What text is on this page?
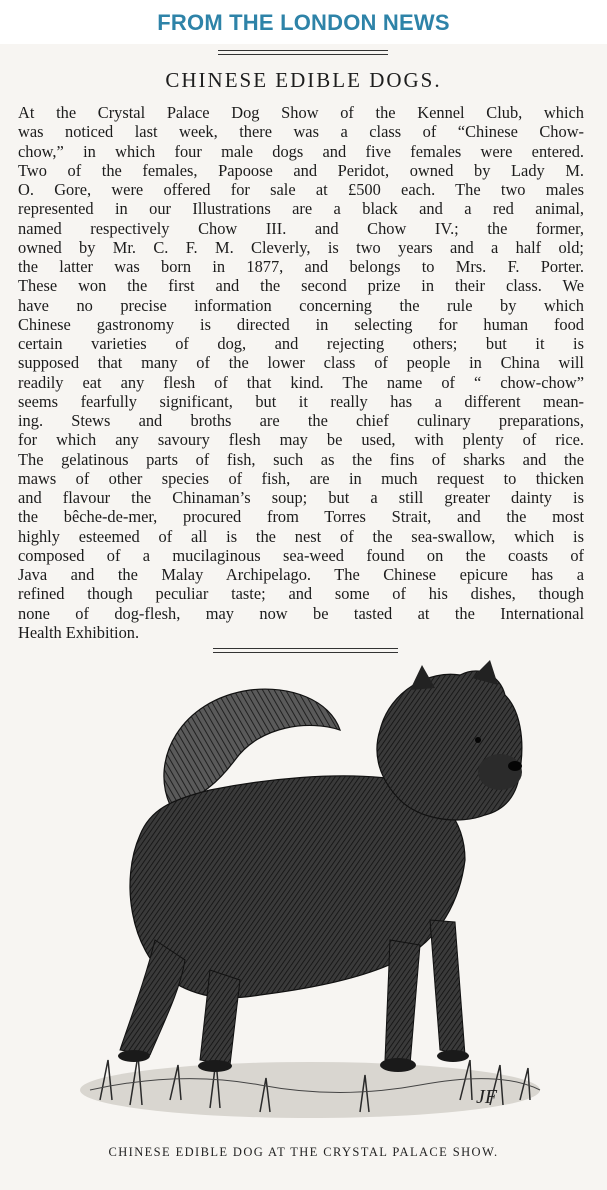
FROM THE LONDON NEWS
CHINESE EDIBLE DOGS.
At the Crystal Palace Dog Show of the Kennel Club, which
was noticed last week, there was a class of “Chinese Chow-
chow,” in which four male dogs and five females were entered.
Two of the females, Papoose and Peridot, owned by Lady M.
O. Gore, were offered for sale at £500 each. The two males
represented in our Illustrations are a black and a red animal,
named respectively Chow III. and Chow IV.; the former,
owned by Mr. C. F. M. Cleverly, is two years and a half old;
the latter was born in 1877, and belongs to Mrs. F. Porter.
These won the first and the second prize in their class. We
have no precise information concerning the rule by which
Chinese gastronomy is directed in selecting for human food
certain varieties of dog, and rejecting others; but it is
supposed that many of the lower class of people in China will
readily eat any flesh of that kind. The name of “ chow-chow”
seems fearfully significant, but it really has a different mean-
ing. Stews and broths are the chief culinary preparations,
for which any savoury flesh may be used, with plenty of rice.
The gelatinous parts of fish, such as the fins of sharks and the
maws of other species of fish, are in much request to thicken
and flavour the Chinaman’s soup; but a still greater dainty is
the bêche-de-mer, procured from Torres Strait, and the most
highly esteemed of all is the nest of the sea-swallow, which is
composed of a mucilaginous sea-weed found on the coasts of
Java and the Malay Archipelago. The Chinese epicure has a
refined though peculiar taste; and some of his dishes, though
none of dog-flesh, may now be tasted at the International
Health Exhibition.
JF
CHINESE EDIBLE DOG AT THE CRYSTAL PALACE SHOW.
